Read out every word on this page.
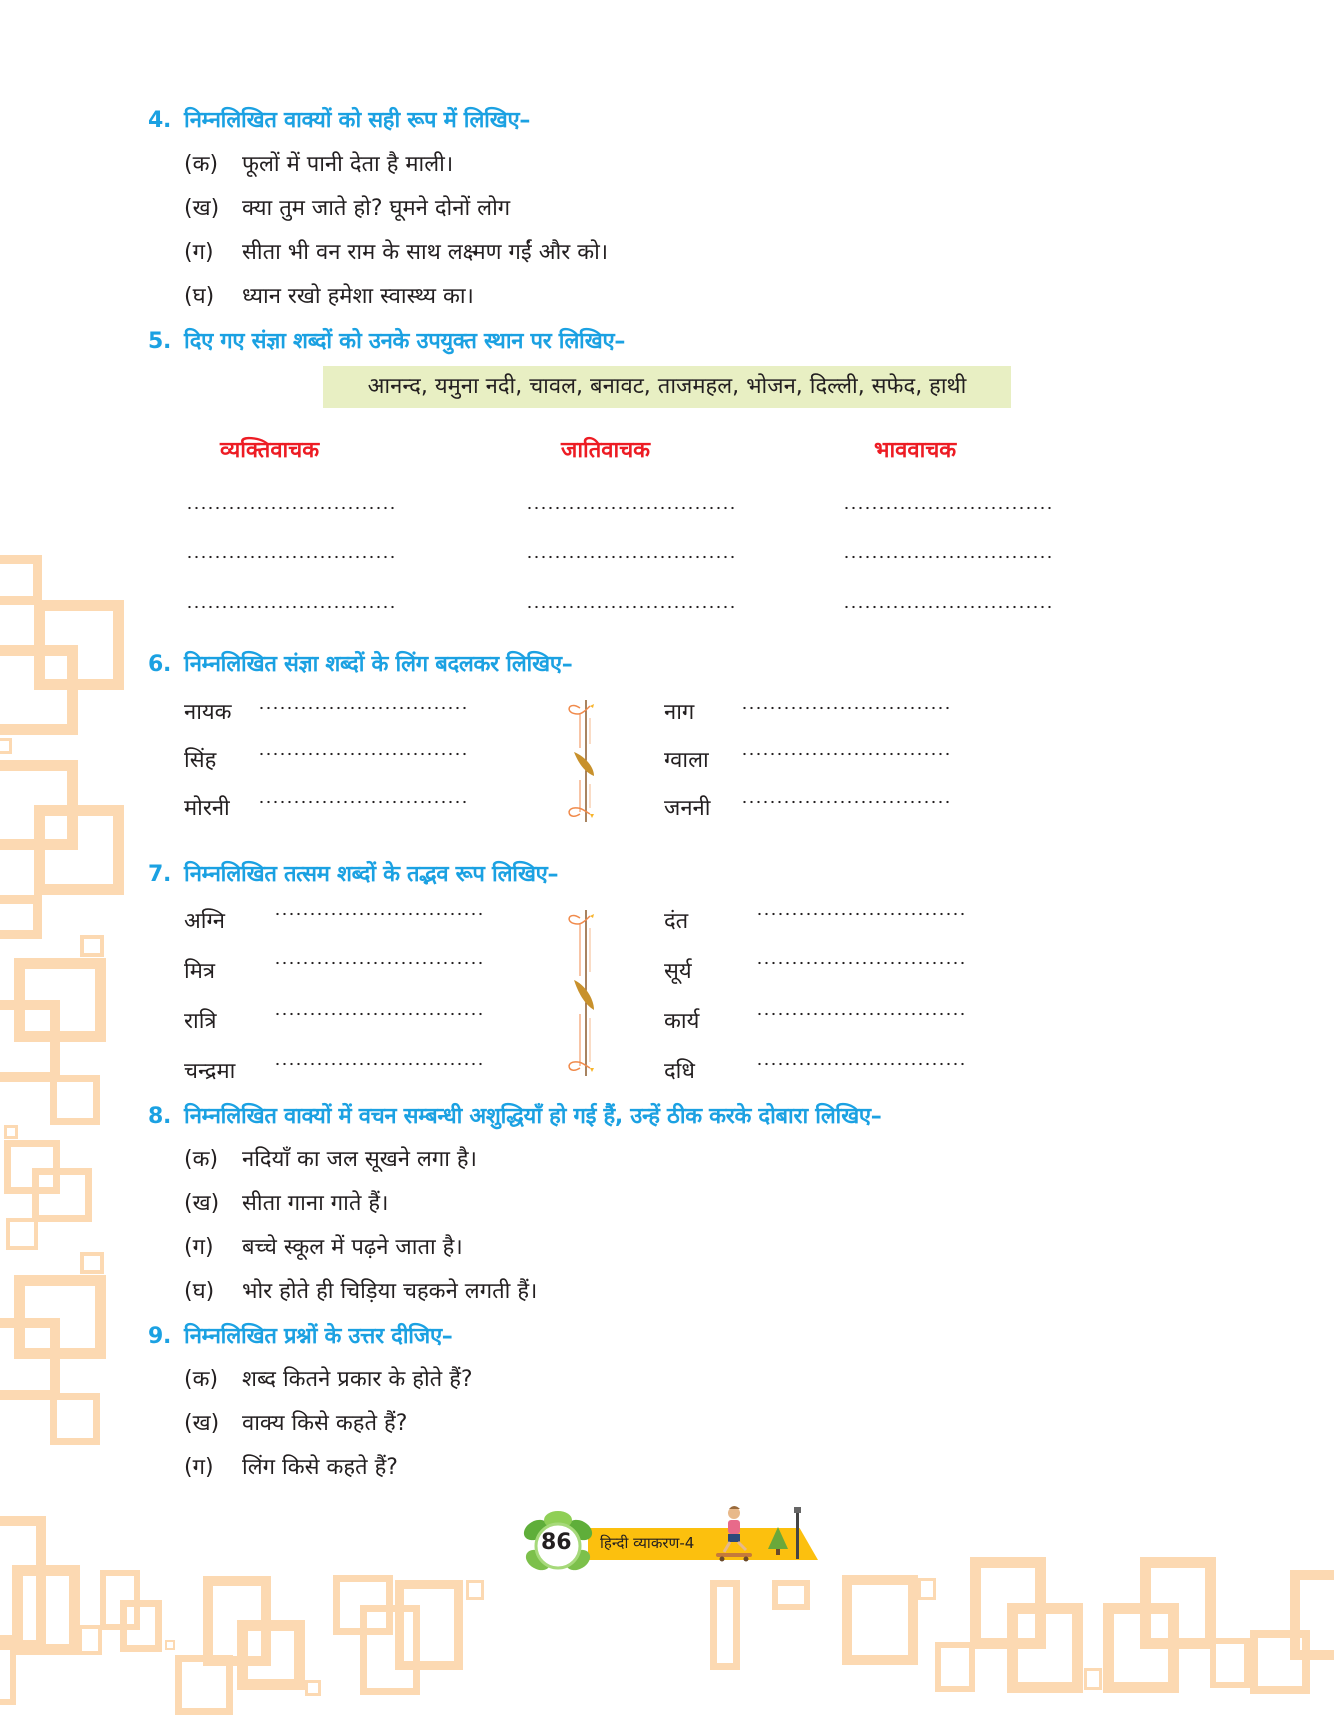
4. निम्नलिखित वाक्यों को सही रूप में लिखिए–
(क) फूलों में पानी देता है माली।
(ख) क्या तुम जाते हो? घूमने दोनों लोग
(ग) सीता भी वन राम के साथ लक्ष्मण गईं और को।
(घ) ध्यान रखो हमेशा स्वास्थ्य का।
5. दिए गए संज्ञा शब्दों को उनके उपयुक्त स्थान पर लिखिए–
आनन्द, यमुना नदी, चावल, बनावट, ताजमहल, भोजन, दिल्ली, सफेद, हाथी
व्यक्तिवाचक	जातिवाचक	भाववाचक
6. निम्नलिखित संज्ञा शब्दों के लिंग बदलकर लिखिए–
नायक
सिंह
मोरनी
नाग
ग्वाला
जननी
7. निम्नलिखित तत्सम शब्दों के तद्भव रूप लिखिए–
अग्नि
मित्र
रात्रि
चन्द्रमा
दंत
सूर्य
कार्य
दधि
8. निम्नलिखित वाक्यों में वचन सम्बन्धी अशुद्धियाँ हो गई हैं, उन्हें ठीक करके दोबारा लिखिए–
(क) नदियाँ का जल सूखने लगा है।
(ख) सीता गाना गाते हैं।
(ग) बच्चे स्कूल में पढ़ने जाता है।
(घ) भोर होते ही चिड़िया चहकने लगती हैं।
9. निम्नलिखित प्रश्नों के उत्तर दीजिए–
(क) शब्द कितने प्रकार के होते हैं?
(ख) वाक्य किसे कहते हैं?
(ग) लिंग किसे कहते हैं?
86 हिन्दी व्याकरण-4
